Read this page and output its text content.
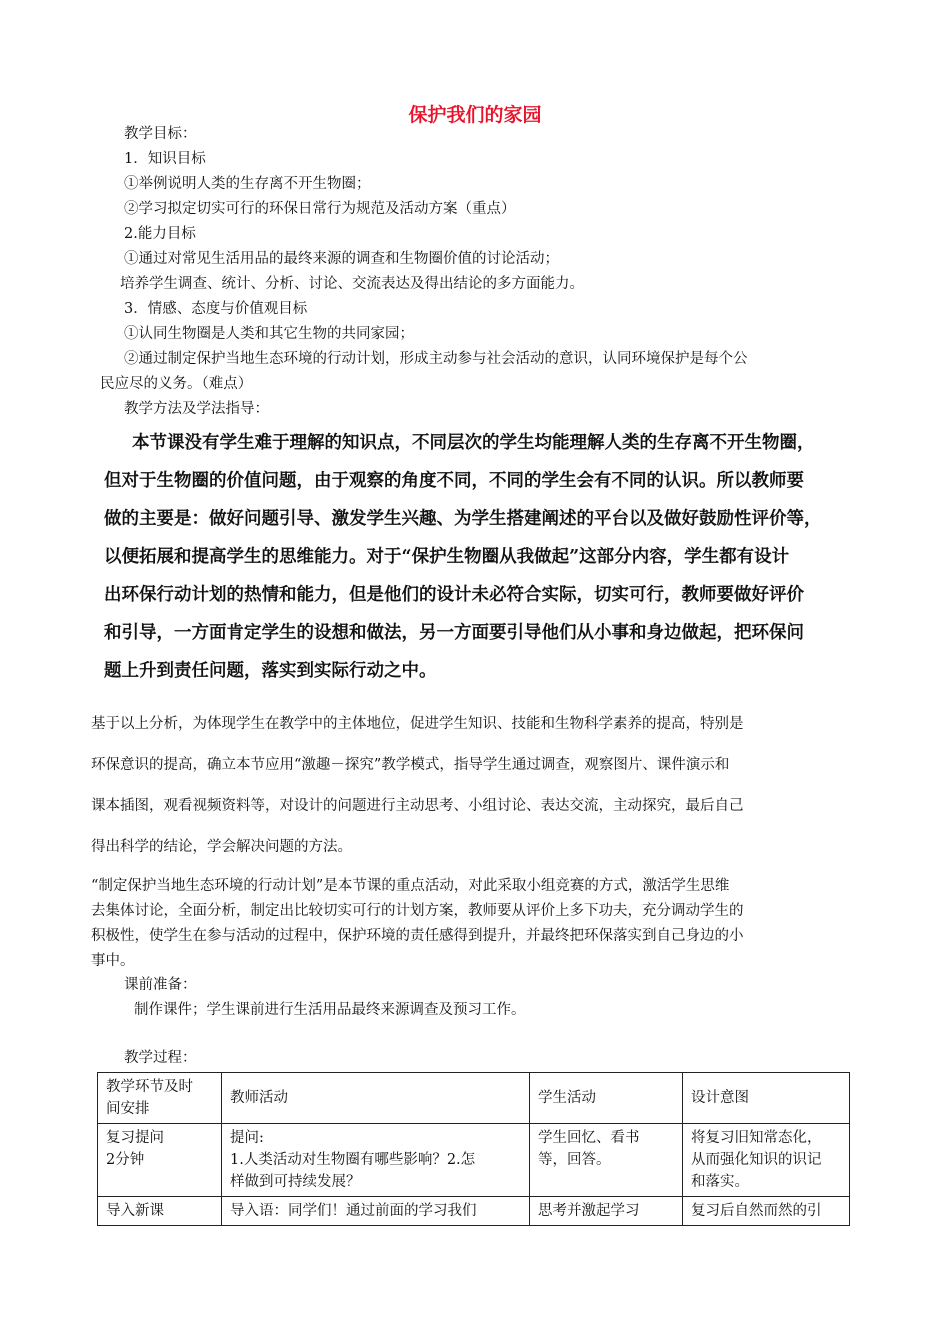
保护我们的家园
教学目标：
1．知识目标
①举例说明人类的生存离不开生物圈；
②学习拟定切实可行的环保日常行为规范及活动方案（重点）
2.能力目标
①通过对常见生活用品的最终来源的调查和生物圈价值的讨论活动；
培养学生调查、统计、分析、讨论、交流表达及得出结论的多方面能力。
3．情感、态度与价值观目标
①认同生物圈是人类和其它生物的共同家园；
②通过制定保护当地生态环境的行动计划，形成主动参与社会活动的意识，认同环境保护是每个公
民应尽的义务。（难点）
教学方法及学法指导：
本节课没有学生难于理解的知识点，不同层次的学生均能理解人类的生存离不开生物圈，
但对于生物圈的价值问题，由于观察的角度不同，不同的学生会有不同的认识。所以教师要
做的主要是：做好问题引导、激发学生兴趣、为学生搭建阐述的平台以及做好鼓励性评价等，
以便拓展和提高学生的思维能力。对于“保护生物圈从我做起”这部分内容，学生都有设计
出环保行动计划的热情和能力，但是他们的设计未必符合实际，切实可行，教师要做好评价
和引导，一方面肯定学生的设想和做法，另一方面要引导他们从小事和身边做起，把环保问
题上升到责任问题，落实到实际行动之中。
基于以上分析，为体现学生在教学中的主体地位，促进学生知识、技能和生物科学素养的提高，特别是
环保意识的提高，确立本节应用“激趣－探究”教学模式，指导学生通过调查，观察图片、课件演示和
课本插图，观看视频资料等，对设计的问题进行主动思考、小组讨论、表达交流，主动探究，最后自己
得出科学的结论，学会解决问题的方法。
“制定保护当地生态环境的行动计划”是本节课的重点活动，对此采取小组竞赛的方式，激活学生思维
去集体讨论，全面分析，制定出比较切实可行的计划方案，教师要从评价上多下功夫，充分调动学生的
积极性，使学生在参与活动的过程中，保护环境的责任感得到提升，并最终把环保落实到自己身边的小
事中。
课前准备：
制作课件；学生课前进行生活用品最终来源调查及预习工作。
教学过程：
教学环节及时
间安排	教师活动	学生活动	设计意图

复习提问
2分钟	提问:
1.人类活动对生物圈有哪些影响？2.怎
样做到可持续发展？	学生回忆、看书
等，回答。	将复习旧知常态化，
从而强化知识的识记
和落实。

导入新课	导入语：同学们！通过前面的学习我们	思考并激起学习	复习后自然而然的引
